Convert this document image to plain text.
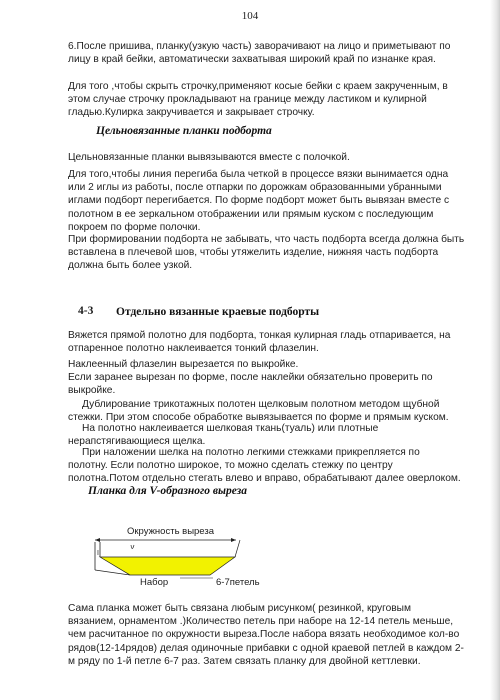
104

6.После пришива, планку(узкую часть) заворачивают на лицо и приметывают по
лицу в край бейки, автоматически захватывая широкий край по изнанке края.

Для того ,чтобы скрыть строчку,применяют косые бейки с краем закрученным, в
этом случае строчку прокладывают на границе между ластиком и кулирной
гладью.Кулирка закручивается и закрывает строчку.

Цельновязанные планки подборта

Цельновязанные планки вывязываются вместе с полочкой.

Для того,чтобы линия перегиба была четкой в процессе вязки вынимается одна
или 2 иглы из работы, после отпарки по дорожкам образованными убранными
иглами подборт перегибается. По форме подборт может быть вывязан вместе с
полотном в ее зеркальном отображении или прямым куском с последующим
покроем по форме полочки.

При формировании подборта не забывать, что часть подборта всегда должна быть
вставлена в плечевой шов, чтобы утяжелить изделие, нижняя часть подборта
должна быть более узкой.

4-3 Отдельно вязанные краевые подборты

Вяжется прямой полотно для подборта, тонкая кулирная гладь отпаривается, на
отпаренное полотно наклеивается тонкий флазелин.

Наклеенный флазелин вырезается по выкройке.
Если заранее вырезан по форме, после наклейки обязательно проверить по
выкройке.

Дублирование трикотажных полотен щелковым полотном методом щубной
стежки. При этом способе обработке вывязывается по форме и прямым куском.

На полотно наклеивается шелковая ткань(туаль) или плотные
нерапстягивающиеся щелка.

При наложении шелка на полотно легкими стежками прикрепляется по
полотну. Если полотно широкое, то можно сделать стежку по центру
полотна.Потом отдельно стегать влево и вправо, обрабатывают далее оверлоком.

Планка для V-образного выреза
Окружность выреза
I
Набор	6-7петель

Сама планка может быть связана любым рисунком( резинкой, круговым
вязанием, орнаментом .)Количество петель при наборе на 12-14 петель меньше,
чем расчитанное по окружности выреза.После набора вязать необходимое кол-во
рядов(12-14рядов) делая одиночные прибавки с одной краевой петлей в каждом 2-
м ряду по 1-й петле 6-7 раз. Затем связать планку для двойной кеттлевки.
